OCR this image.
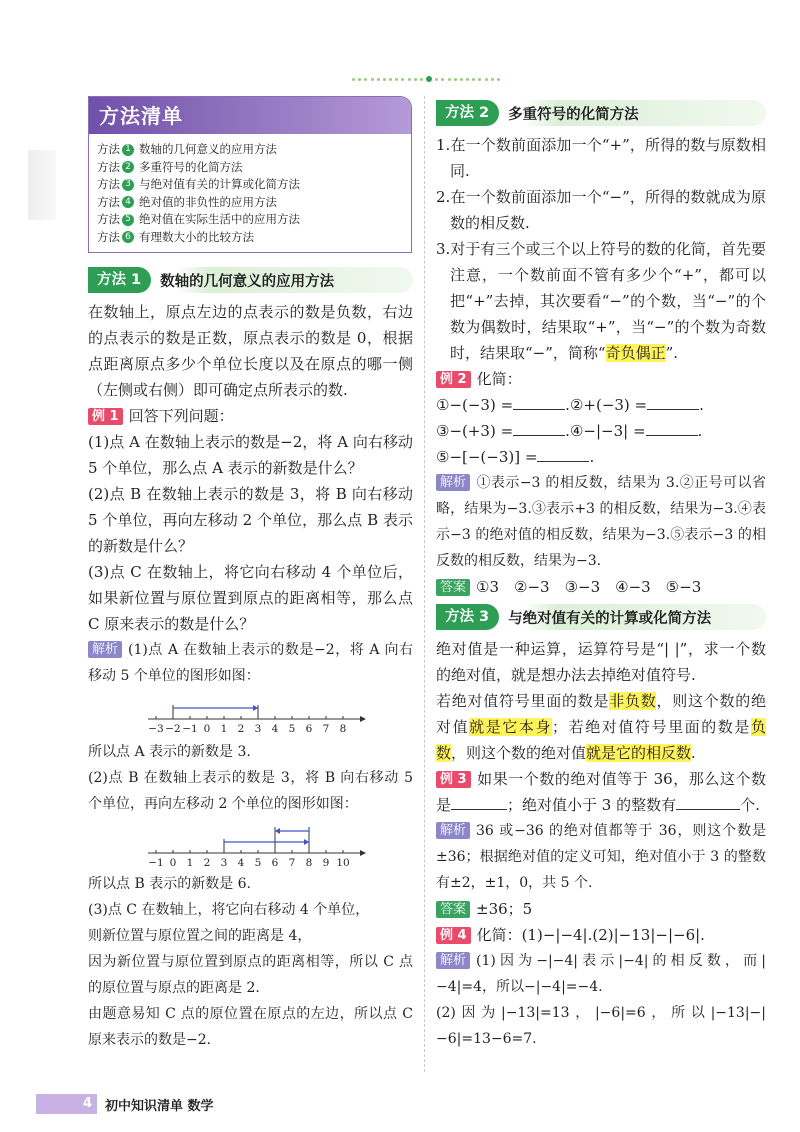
方法清单
方法 1 数轴的几何意义的应用方法
方法 2 多重符号的化简方法
方法 3 与绝对值有关的计算或化简方法
方法 4 绝对值的非负性的应用方法
方法 5 绝对值在实际生活中的应用方法
方法 6 有理数大小的比较方法
方法 1	数轴的几何意义的应用方法

在数轴上，原点左边的点表示的数是负数，右边的点表示的数是正数，原点表示的数是 0，根据点距离原点多少个单位长度以及在原点的哪一侧（左侧或右侧）即可确定点所表示的数.

例 1 回答下列问题：

(1)点 A 在数轴上表示的数是−2，将 A 向右移动 5 个单位，那么点 A 表示的新数是什么？

(2)点 B 在数轴上表示的数是 3，将 B 向右移动 5 个单位，再向左移动 2 个单位，那么点 B 表示的新数是什么？

(3)点 C 在数轴上，将它向右移动 4 个单位后，如果新位置与原位置到原点的距离相等，那么点 C 原来表示的数是什么？

解析 (1)点 A 在数轴上表示的数是−2，将 A 向右移动 5 个单位的图形如图：

−3 −2 −1 0 1 2 3 4 5 6 7 8

所以点 A 表示的新数是 3.

(2)点 B 在数轴上表示的数是 3，将 B 向右移动 5 个单位，再向左移动 2 个单位的图形如图：

−1 0 1 2 3 4 5 6 7 8 9 10

所以点 B 表示的新数是 6.

(3)点 C 在数轴上，将它向右移动 4 个单位，

则新位置与原位置之间的距离是 4，

因为新位置与原位置到原点的距离相等，所以 C 点的原位置与原点的距离是 2.

由题意易知 C 点的原位置在原点的左边，所以点 C 原来表示的数是−2.

方法 2	多重符号的化简方法

1.在一个数前面添加一个“+”，所得的数与原数相同.

2.在一个数前面添加一个“−”，所得的数就成为原数的相反数.

3.对于有三个或三个以上符号的数的化简，首先要注意，一个数前面不管有多少个“+”，都可以把“+”去掉，其次要看“−”的个数，当“−”的个数为偶数时，结果取“+”，当“−”的个数为奇数时，结果取“−”，简称“奇负偶正”.

例 2 化简：

①−(−3) =	.②+(−3) =	.

③−(+3) =	.④−|−3| =	.

⑤−[−(−3)] =	.

解析 ①表示−3 的相反数，结果为 3.②正号可以省略，结果为−3.③表示+3 的相反数，结果为−3.④表示−3 的绝对值的相反数，结果为−3.⑤表示−3 的相反数的相反数，结果为−3.

答案 ①3　②−3　③−3　④−3　⑤−3

方法 3	与绝对值有关的计算或化简方法

绝对值是一种运算，运算符号是“| |”，求一个数的绝对值，就是想办法去掉绝对值符号.

若绝对值符号里面的数是非负数，则这个数的绝对值就是它本身；若绝对值符号里面的数是负数，则这个数的绝对值就是它的相反数.

例 3 如果一个数的绝对值等于 36，那么这个数是	；绝对值小于 3 的整数有	个.

解析 36 或−36 的绝对值都等于 36，则这个数是±36；根据绝对值的定义可知，绝对值小于 3 的整数有±2，±1，0，共 5 个.

答案 ±36；5

例 4 化简：(1)−|−4|.(2)|−13|−|−6|.

解析 (1)因为−|−4|表示|−4|的相反数，而|−4|=4，所以−|−4|=−4.

(2)因为|−13|=13，|−6|=6，所以|−13|−|−6|=13−6=7.

4	初中知识清单 数学
